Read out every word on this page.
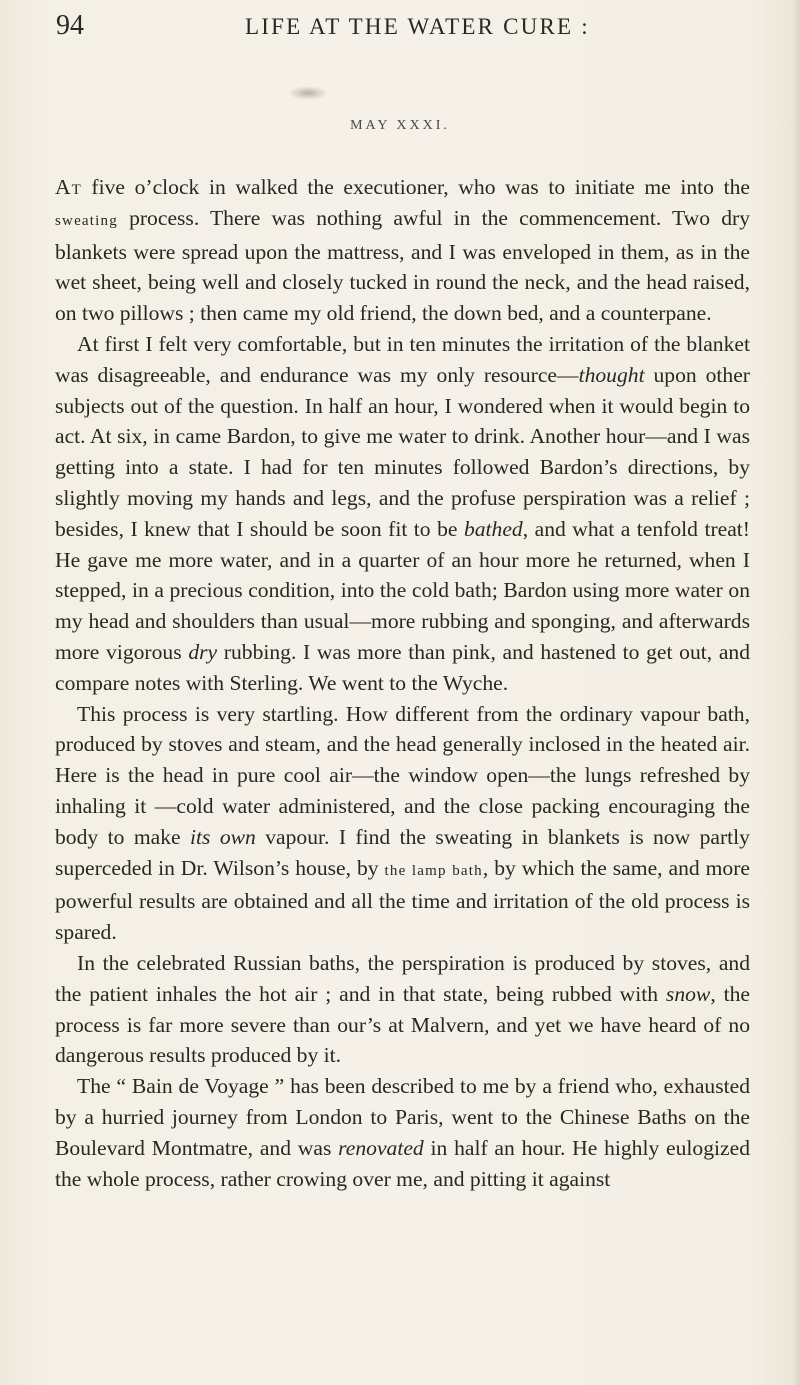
94	LIFE AT THE WATER CURE :
MAY XXXI.

At five o’clock in walked the executioner, who was to initiate me into the sweating process. There was nothing awful in the commencement. Two dry blankets were spread upon the mattress, and I was enveloped in them, as in the wet sheet, being well and closely tucked in round the neck, and the head raised, on two pillows ; then came my old friend, the down bed, and a counterpane.

At first I felt very comfortable, but in ten minutes the irritation of the blanket was disagreeable, and endurance was my only resource—thought upon other subjects out of the question. In half an hour, I wondered when it would begin to act. At six, in came Bardon, to give me water to drink. Another hour—and I was getting into a state. I had for ten minutes followed Bardon’s directions, by slightly moving my hands and legs, and the profuse perspiration was a relief ; besides, I knew that I should be soon fit to be bathed, and what a tenfold treat! He gave me more water, and in a quarter of an hour more he returned, when I stepped, in a precious condition, into the cold bath; Bardon using more water on my head and shoulders than usual—more rubbing and sponging, and afterwards more vigorous dry rubbing. I was more than pink, and hastened to get out, and compare notes with Sterling. We went to the Wyche.

This process is very startling. How different from the ordinary vapour bath, produced by stoves and steam, and the head generally inclosed in the heated air. Here is the head in pure cool air—the window open—the lungs refreshed by inhaling it —cold water administered, and the close packing encouraging the body to make its own vapour. I find the sweating in blankets is now partly superceded in Dr. Wilson’s house, by the lamp bath, by which the same, and more powerful results are obtained and all the time and irritation of the old process is spared.

In the celebrated Russian baths, the perspiration is produced by stoves, and the patient inhales the hot air ; and in that state, being rubbed with snow, the process is far more severe than our’s at Malvern, and yet we have heard of no dangerous results produced by it.

The “ Bain de Voyage ” has been described to me by a friend who, exhausted by a hurried journey from London to Paris, went to the Chinese Baths on the Boulevard Montmatre, and was renovated in half an hour. He highly eulogized the whole process, rather crowing over me, and pitting it against
